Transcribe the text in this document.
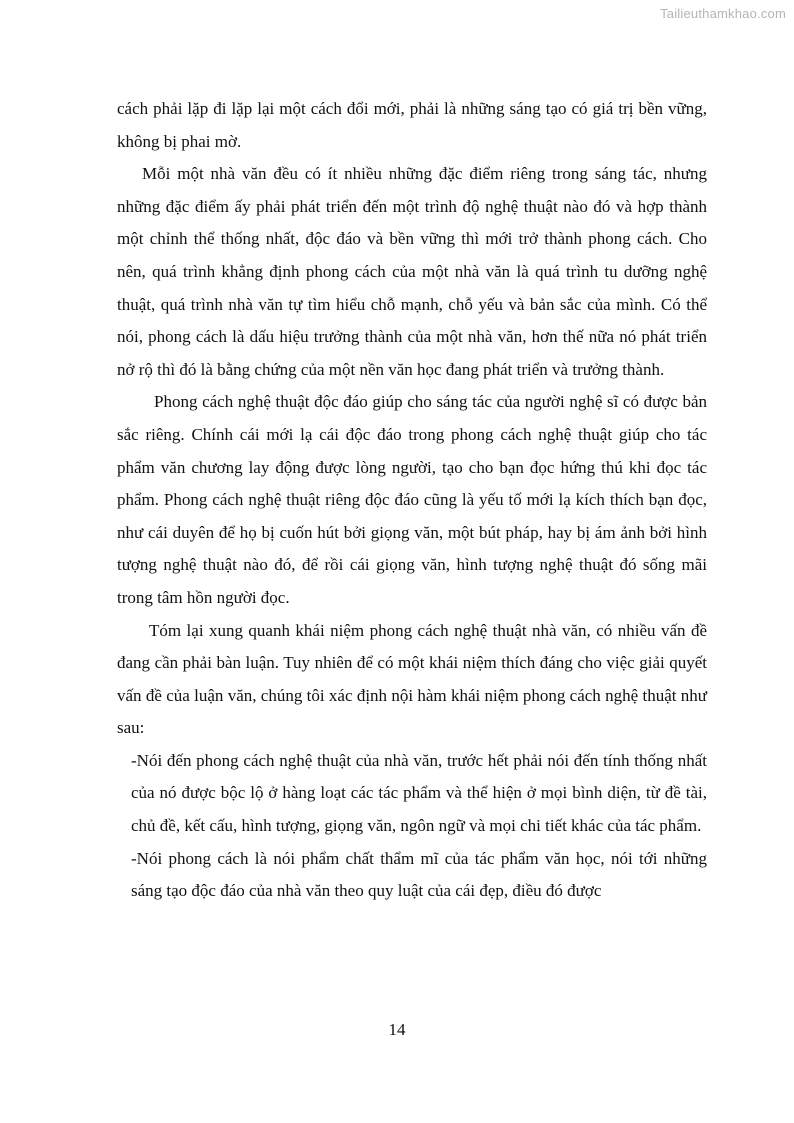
Tailieuthamkhao.com

cách phải lặp đi lặp lại một cách đổi mới, phải là những sáng tạo có giá trị bền vững, không bị phai mờ.

Mỗi một nhà văn đều có ít nhiều những đặc điểm riêng trong sáng tác, nhưng những đặc điểm ấy phải phát triển đến một trình độ nghệ thuật nào đó và hợp thành một chỉnh thể thống nhất, độc đáo và bền vững thì mới trở thành phong cách. Cho nên, quá trình khẳng định phong cách của một nhà văn là quá trình tu dưỡng nghệ thuật, quá trình nhà văn tự tìm hiểu chỗ mạnh, chỗ yếu và bản sắc của mình. Có thể nói, phong cách là dấu hiệu trưởng thành của một nhà văn, hơn thế nữa nó phát triển nở rộ thì đó là bằng chứng của một nền văn học đang phát triển và trưởng thành.

Phong cách nghệ thuật độc đáo giúp cho sáng tác của người nghệ sĩ có được bản sắc riêng. Chính cái mới lạ cái độc đáo trong phong cách nghệ thuật giúp cho tác phẩm văn chương lay động được lòng người, tạo cho bạn đọc hứng thú khi đọc tác phẩm. Phong cách nghệ thuật riêng độc đáo cũng là yếu tố mới lạ kích thích bạn đọc, như cái duyên để họ bị cuốn hút bởi giọng văn, một bút pháp, hay bị ám ảnh bởi hình tượng nghệ thuật nào đó, để rồi cái giọng văn, hình tượng nghệ thuật đó sống mãi trong tâm hồn người đọc.

Tóm lại xung quanh khái niệm phong cách nghệ thuật nhà văn, có nhiều vấn đề đang cần phải bàn luận. Tuy nhiên để có một khái niệm thích đáng cho việc giải quyết vấn đề của luận văn, chúng tôi xác định nội hàm khái niệm phong cách nghệ thuật như sau:

-Nói đến phong cách nghệ thuật của nhà văn, trước hết phải nói đến tính thống nhất của nó được bộc lộ ở hàng loạt các tác phẩm và thể hiện ở mọi bình diện, từ đề tài, chủ đề, kết cấu, hình tượng, giọng văn, ngôn ngữ và mọi chi tiết khác của tác phẩm.

-Nói phong cách là nói phẩm chất thẩm mĩ của tác phẩm văn học, nói tới những sáng tạo độc đáo của nhà văn theo quy luật của cái đẹp, điều đó được

14
